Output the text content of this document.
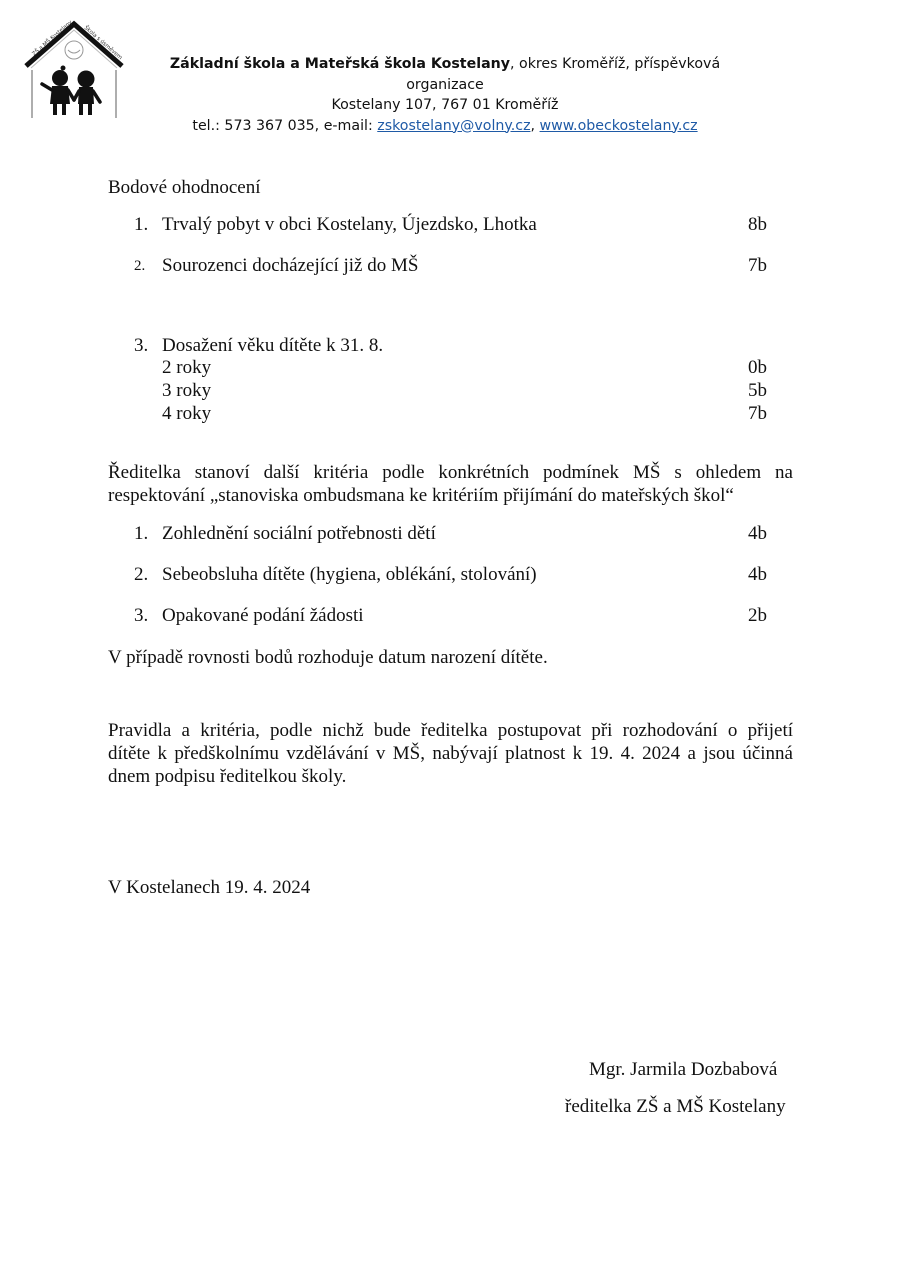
ZŠ a MŠ Kostelany Škola s úsměvem
Základní škola a Mateřská škola Kostelany, okres Kroměříž, příspěvková organizace
Kostelany 107, 767 01 Kroměříž
tel.: 573 367 035, e-mail: zskostelany@volny.cz, www.obeckostelany.cz
Bodové ohodnocení
1. Trvalý pobyt v obci Kostelany, Újezdsko, Lhotka	8b
2. Sourozenci docházející již do MŠ	7b
3. Dosažení věku dítěte k 31. 8.
2 roky	0b
3 roky	5b
4 roky	7b
Ředitelka stanoví další kritéria podle konkrétních podmínek MŠ s ohledem na
respektování „stanoviska ombudsmana ke kritériím přijímání do mateřských škol“
1. Zohlednění sociální potřebnosti dětí	4b
2. Sebeobsluha dítěte (hygiena, oblékání, stolování)	4b
3. Opakované podání žádosti	2b
V případě rovnosti bodů rozhoduje datum narození dítěte.
Pravidla a kritéria, podle nichž bude ředitelka postupovat při rozhodování o přijetí
dítěte k předškolnímu vzdělávání v MŠ, nabývají platnost k 19. 4. 2024 a jsou účinná
dnem podpisu ředitelkou školy.
V Kostelanech 19. 4. 2024
Mgr. Jarmila Dozbabová
ředitelka ZŠ a MŠ Kostelany
